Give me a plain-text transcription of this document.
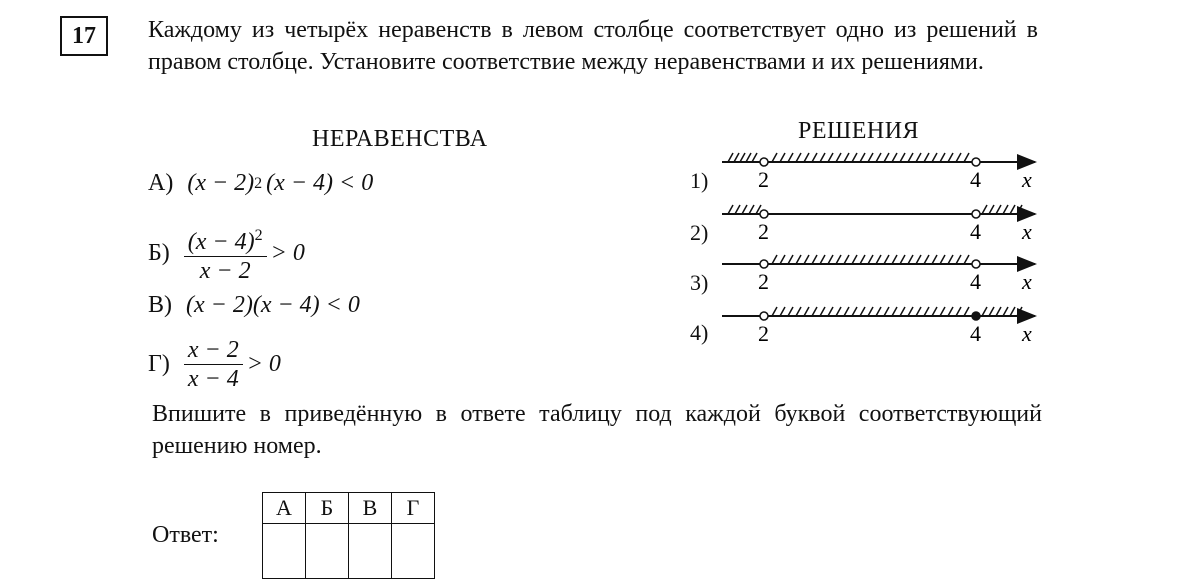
17	Каждому из четырёх неравенств в левом столбце соответствует одно из решений в правом столбце. Установите соответствие между неравенствами и их решениями.
НЕРАВЕНСТВА	РЕШЕНИЯ
А) (x − 2) 2 (x − 4) < 0
$Б) \frac{(x - 4)^2}{x - 2} > 0$
В) (x − 2)(x − 4) < 0
$Г) \frac{x - 2}{x - 4} > 0$
1)
2)
3)
4)
2	4 x
2	4 x
2	4 x
2	4 x
Впишите в приведённую в ответе таблицу под каждой буквой соответствующий решению номер.
Ответ:
А	Б	В	Г
